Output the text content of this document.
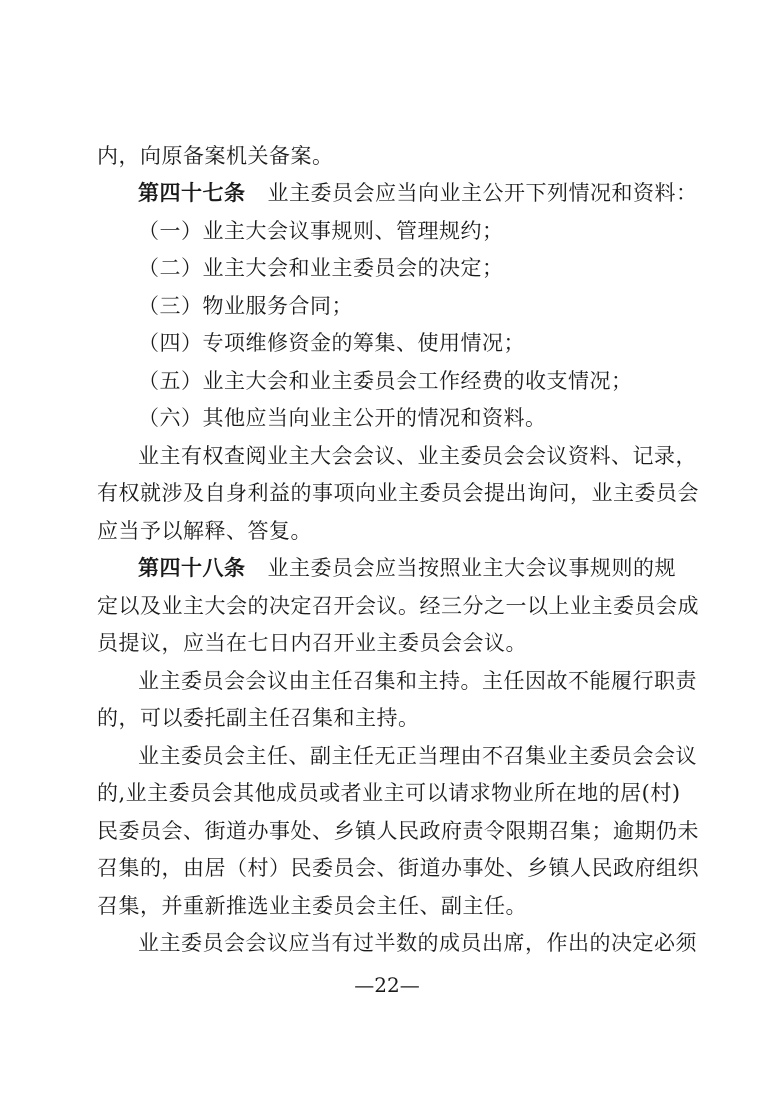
内，向原备案机关备案。
第四十七条 业主委员会应当向业主公开下列情况和资料：
（一）业主大会议事规则、管理规约；
（二）业主大会和业主委员会的决定；
（三）物业服务合同；
（四）专项维修资金的筹集、使用情况；
（五）业主大会和业主委员会工作经费的收支情况；
（六）其他应当向业主公开的情况和资料。
业主有权查阅业主大会会议、业主委员会会议资料、记录，
有权就涉及自身利益的事项向业主委员会提出询问，业主委员会
应当予以解释、答复。
第四十八条 业主委员会应当按照业主大会议事规则的规
定以及业主大会的决定召开会议。经三分之一以上业主委员会成
员提议，应当在七日内召开业主委员会会议。
业主委员会会议由主任召集和主持。主任因故不能履行职责
的，可以委托副主任召集和主持。
业主委员会主任、副主任无正当理由不召集业主委员会会议
的,业主委员会其他成员或者业主可以请求物业所在地的居(村)
民委员会、街道办事处、乡镇人民政府责令限期召集；逾期仍未
召集的，由居（村）民委员会、街道办事处、乡镇人民政府组织
召集，并重新推选业主委员会主任、副主任。
业主委员会会议应当有过半数的成员出席，作出的决定必须
—22—
